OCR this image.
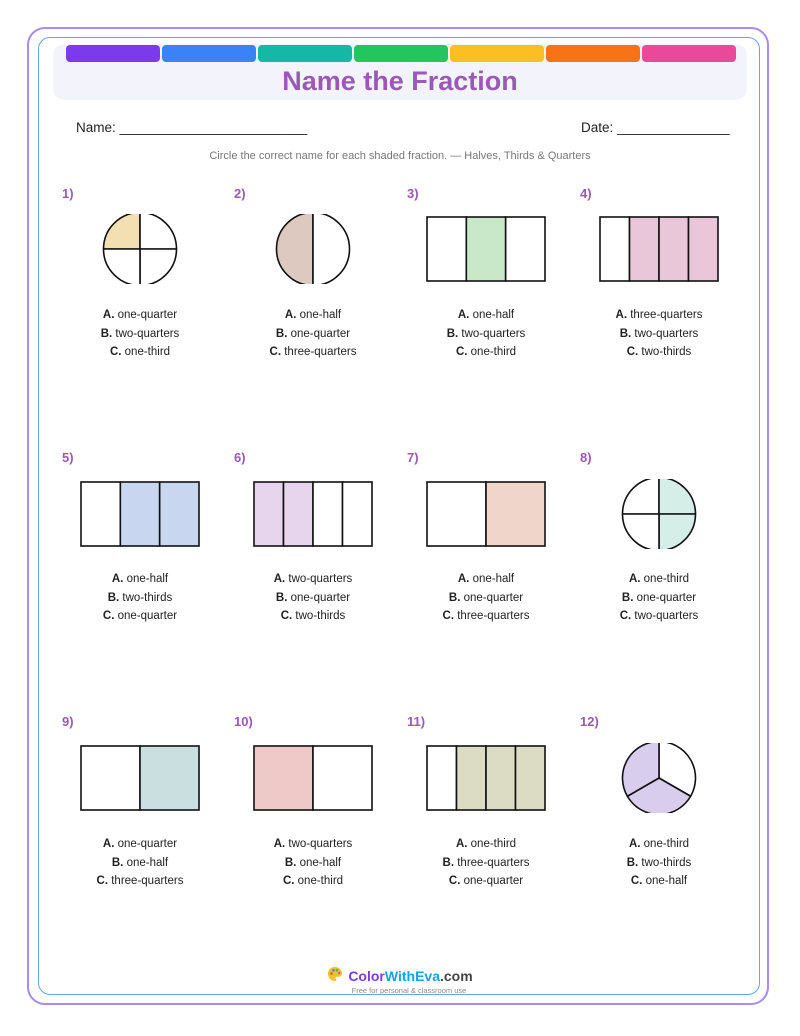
Name the Fraction
Name: _________________________	Date: _______________
Circle the correct name for each shaded fraction. — Halves, Thirds & Quarters
1)
A. one-quarter
B. two-quarters
C. one-third
2)
A. one-half
B. one-quarter
C. three-quarters
3)
A. one-half
B. two-quarters
C. one-third
4)
A. three-quarters
B. two-quarters
C. two-thirds
5)
A. one-half
B. two-thirds
C. one-quarter
6)
A. two-quarters
B. one-quarter
C. two-thirds
7)
A. one-half
B. one-quarter
C. three-quarters
8)
A. one-third
B. one-quarter
C. two-quarters
9)
A. one-quarter
B. one-half
C. three-quarters
10)
A. two-quarters
B. one-half
C. one-third
11)
A. one-third
B. three-quarters
C. one-quarter
12)
A. one-third
B. two-thirds
C. one-half
Color WithEva .com
Free for personal & classroom use
